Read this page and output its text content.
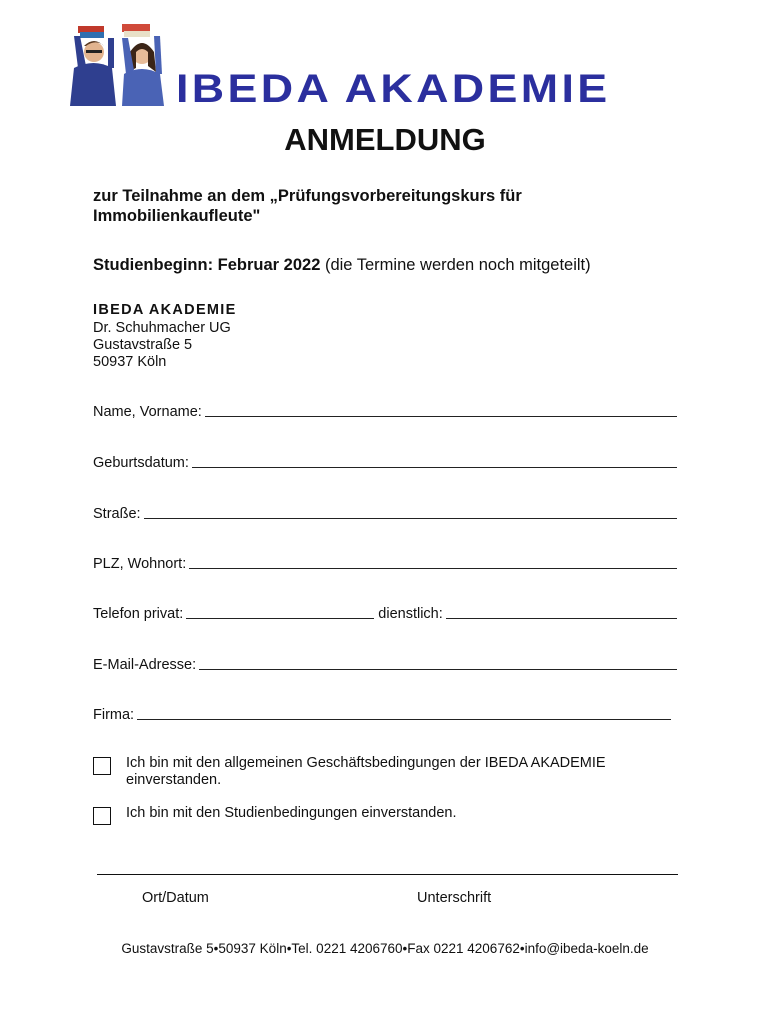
IBEDA AKADEMIE
ANMELDUNG
zur Teilnahme an dem „Prüfungsvorbereitungskurs für Immobilienkaufleute"
Studienbeginn: Februar 2022 (die Termine werden noch mitgeteilt)
IBEDA AKADEMIE
Dr. Schuhmacher UG
Gustavstraße 5
50937 Köln
Name, Vorname:
Geburtsdatum:
Straße:
PLZ, Wohnort:
Telefon privat:	dienstlich:
E-Mail-Adresse:
Firma:
Ich bin mit den allgemeinen Geschäftsbedingungen der IBEDA AKADEMIE einverstanden.
Ich bin mit den Studienbedingungen einverstanden.
Ort/Datum	Unterschrift
Gustavstraße 5•50937 Köln•Tel. 0221 4206760•Fax 0221 4206762•info@ibeda-koeln.de
